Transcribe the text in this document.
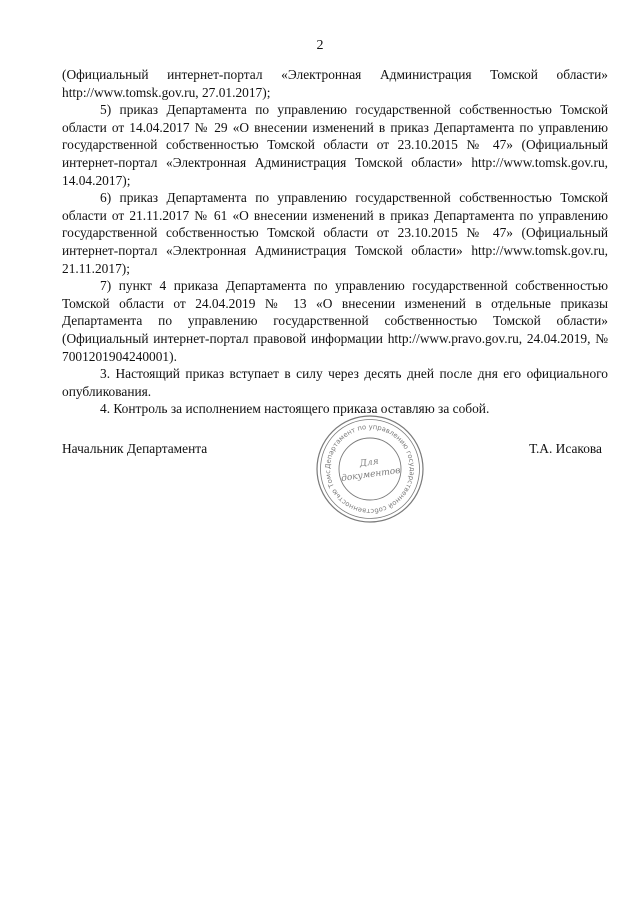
2

(Официальный интернет-портал «Электронная Администрация Томской области» http://www.tomsk.gov.ru, 27.01.2017);

5) приказ Департамента по управлению государственной собственностью Томской области от 14.04.2017 № 29 «О внесении изменений в приказ Департамента по управлению государственной собственностью Томской области от 23.10.2015 № 47» (Официальный интернет-портал «Электронная Администрация Томской области» http://www.tomsk.gov.ru, 14.04.2017);

6) приказ Департамента по управлению государственной собственностью Томской области от 21.11.2017 № 61 «О внесении изменений в приказ Департамента по управлению государственной собственностью Томской области от 23.10.2015 № 47» (Официальный интернет-портал «Электронная Администрация Томской области» http://www.tomsk.gov.ru, 21.11.2017);

7) пункт 4 приказа Департамента по управлению государственной собственностью Томской области от 24.04.2019 № 13 «О внесении изменений в отдельные приказы Департамента по управлению государственной собственностью Томской области» (Официальный интернет-портал правовой информации http://www.pravo.gov.ru, 24.04.2019, № 7001201904240001).

3. Настоящий приказ вступает в силу через десять дней после дня его официального опубликования.

4. Контроль за исполнением настоящего приказа оставляю за собой.

Начальник Департамента
Департамент по управлению государственной собственностью Томс
Для
документов
Т.А. Исакова
